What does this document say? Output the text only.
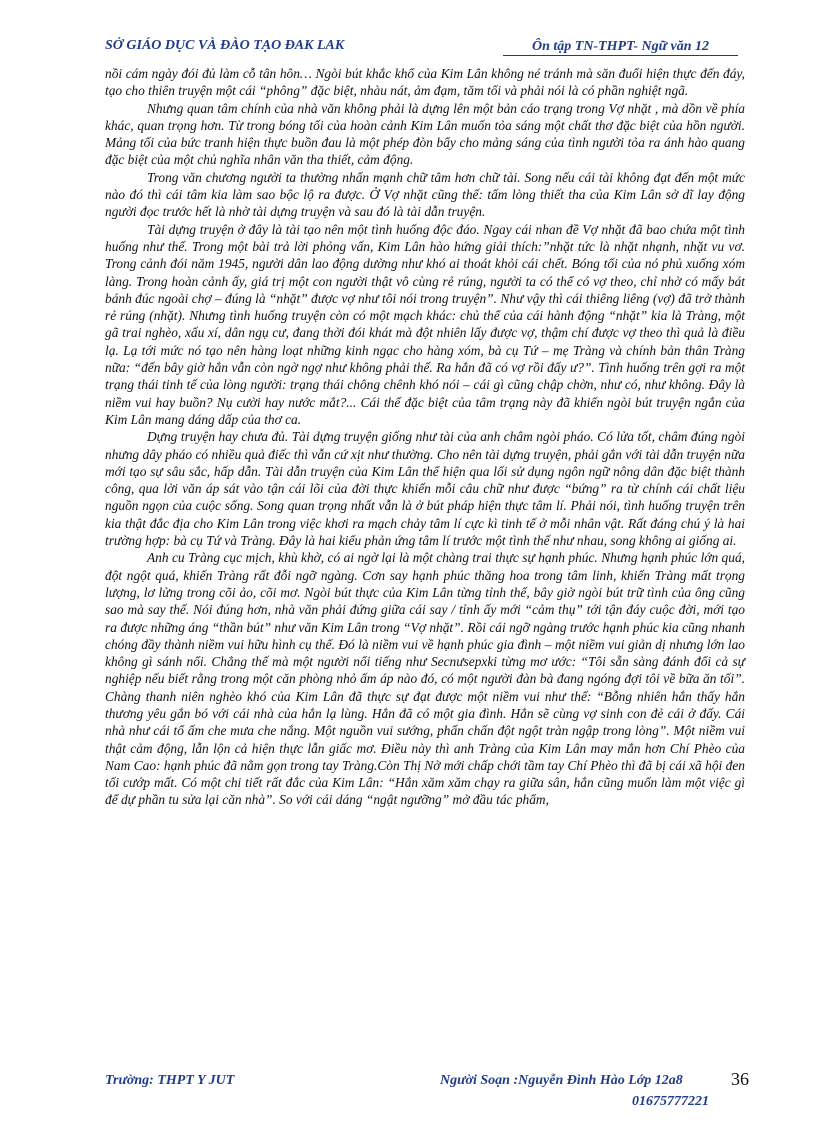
SỞ GIÁO DỤC VÀ ĐÀO TẠO ĐAK LAK	Ôn tập TN-THPT- Ngữ văn 12

nồi cám ngày đói đủ làm cỗ tân hôn… Ngòi bút khắc khổ của Kim Lân không né tránh mà săn đuổi hiện thực đến đáy, tạo cho thiên truyện một cái “phông” đặc biệt, nhàu nát, ảm đạm, tăm tối và phải nói là có phần nghiệt ngã.

Nhưng quan tâm chính của nhà văn không phải là dựng lên một bản cáo trạng trong Vợ nhặt , mà dồn về phía khác, quan trọng hơn. Từ trong bóng tối của hoàn cảnh Kim Lân muốn tỏa sáng một chất thơ đặc biệt của hồn người. Mảng tối của bức tranh hiện thực buồn đau là một phép đòn bẩy cho mảng sáng của tình người tỏa ra ánh hào quang đặc biệt của một chủ nghĩa nhân văn tha thiết, cảm động.

Trong văn chương người ta thường nhấn mạnh chữ tâm hơn chữ tài. Song nếu cái tài không đạt đến một mức nào đó thì cái tâm kia làm sao bộc lộ ra được. Ở Vợ nhặt cũng thế: tấm lòng thiết tha của Kim Lân sở dĩ lay động người đọc trước hết là nhờ tài dựng truyện và sau đó là tài dẫn truyện.

Tài dựng truyện ở đây là tài tạo nên một tình huống độc đáo. Ngay cái nhan đề Vợ nhặt đã bao chứa một tình huống như thế. Trong một bài trả lời phỏng vấn, Kim Lân hào hứng giải thích:”nhặt tức là nhặt nhạnh, nhặt vu vơ. Trong cảnh đói năm 1945, người dân lao động dường như khó ai thoát khỏi cái chết. Bóng tối của nó phủ xuống xóm làng. Trong hoàn cảnh ấy, giá trị một con người thật vô cùng rẻ rúng, người ta có thể có vợ theo, chỉ nhờ có mấy bát bánh đúc ngoài chợ – đúng là “nhặt” được vợ như tôi nói trong truyện”. Như vậy thì cái thiêng liêng (vợ) đã trở thành rẻ rúng (nhặt). Nhưng tình huống truyện còn có một mạch khác: chủ thể của cái hành động “nhặt” kia là Tràng, một gã trai nghèo, xấu xí, dân ngụ cư, đang thời đói khát mà đột nhiên lấy được vợ, thậm chí được vợ theo thì quả là điều lạ. Lạ tới mức nó tạo nên hàng loạt những kinh ngạc cho hàng xóm, bà cụ Tứ – mẹ Tràng và chính bản thân Tràng nữa: “đến bây giờ hắn vẫn còn ngờ ngợ như không phải thế. Ra hắn đã có vợ rồi đấy ư?”. Tình huống trên gợi ra một trạng thái tinh tế của lòng người: trạng thái chông chênh khó nói – cái gì cũng chập chờn, như có, như không. Đây là niềm vui hay buồn? Nụ cười hay nước mắt?... Cái thế đặc biệt của tâm trạng này đã khiến ngòi bút truyện ngắn của Kim Lân mang dáng dấp của thơ ca.

Dựng truyện hay chưa đủ. Tài dựng truyện giống như tài của anh châm ngòi pháo. Có lửa tốt, châm đúng ngòi nhưng dây pháo có nhiều quả điếc thì vẫn cứ xịt như thường. Cho nên tài dựng truyện, phải gắn với tài dẫn truyện nữa mới tạo sự sâu sắc, hấp dẫn. Tài dẫn truyện của Kim Lân thể hiện qua lối sử dụng ngôn ngữ nông dân đặc biệt thành công, qua lời văn áp sát vào tận cái lõi của đời thực khiến mỗi câu chữ như được “bứng” ra từ chính cái chất liệu nguồn ngọn của cuộc sống. Song quan trọng nhất vẫn là ở bút pháp hiện thực tâm lí. Phải nói, tình huống truyện trên kia thật đắc địa cho Kim Lân trong việc khơi ra mạch chảy tâm lí cực kì tinh tế ở mỗi nhân vật. Rất đáng chú ý là hai trường hợp: bà cụ Tứ và Tràng. Đây là hai kiểu phản ứng tâm lí trước một tình thế như nhau, song không ai giống ai.

Anh cu Tràng cục mịch, khù khờ, có ai ngờ lại là một chàng trai thực sự hạnh phúc. Nhưng hạnh phúc lớn quá, đột ngột quá, khiến Tràng rất đỗi ngỡ ngàng. Cơn say hạnh phúc thăng hoa trong tâm linh, khiến Tràng mất trọng lượng, lơ lửng trong cõi ảo, cõi mơ. Ngòi bút thực của Kim Lân từng tỉnh thế, bây giờ ngòi bút trữ tình của ông cũng sao mà say thế. Nói đúng hơn, nhà văn phải đứng giữa cái say / tỉnh ấy mới “cảm thụ” tới tận đáy cuộc đời, mới tạo ra được những áng “thần bút” như văn Kim Lân trong “Vợ nhặt”. Rồi cái ngỡ ngàng trước hạnh phúc kia cũng nhanh chóng đầy thành niềm vui hữu hình cụ thể. Đó là niềm vui về hạnh phúc gia đình – một niềm vui giản dị nhưng lớn lao không gì sánh nổi. Chẳng thế mà một người nổi tiếng như Secnưsepxki từng mơ ước: “Tôi sẵn sàng đánh đổi cả sự nghiệp nếu biết rằng trong một căn phòng nhỏ ấm áp nào đó, có một người đàn bà đang ngóng đợi tôi về bữa ăn tối”. Chàng thanh niên nghèo khó của Kim Lân đã thực sự đạt được một niềm vui như thế: “Bỗng nhiên hắn thấy hắn thương yêu gắn bó với cái nhà của hắn lạ lùng. Hắn đã có một gia đình. Hắn sẽ cùng vợ sinh con đẻ cái ở đấy. Cái nhà như cái tổ ấm che mưa che nắng. Một nguồn vui sướng, phấn chấn đột ngột tràn ngập trong lòng”. Một niềm vui thật cảm động, lẫn lộn cả hiện thực lẫn giấc mơ. Điều này thì anh Tràng của Kim Lân may mắn hơn Chí Phèo của Nam Cao: hạnh phúc đã nằm gọn trong tay Tràng.Còn Thị Nở mới chấp chới tầm tay Chí Phèo thì đã bị cái xã hội đen tối cướp mất. Có một chi tiết rất đắc của Kim Lân: “Hắn xăm xăm chạy ra giữa sân, hắn cũng muốn làm một việc gì để dự phần tu sửa lại căn nhà”. So với cái dáng “ngật ngưỡng” mở đầu tác phẩm,

Trường: THPT Y JUT	Người Soạn :Nguyễn Đình Hào Lớp 12a8	36
01675777221
